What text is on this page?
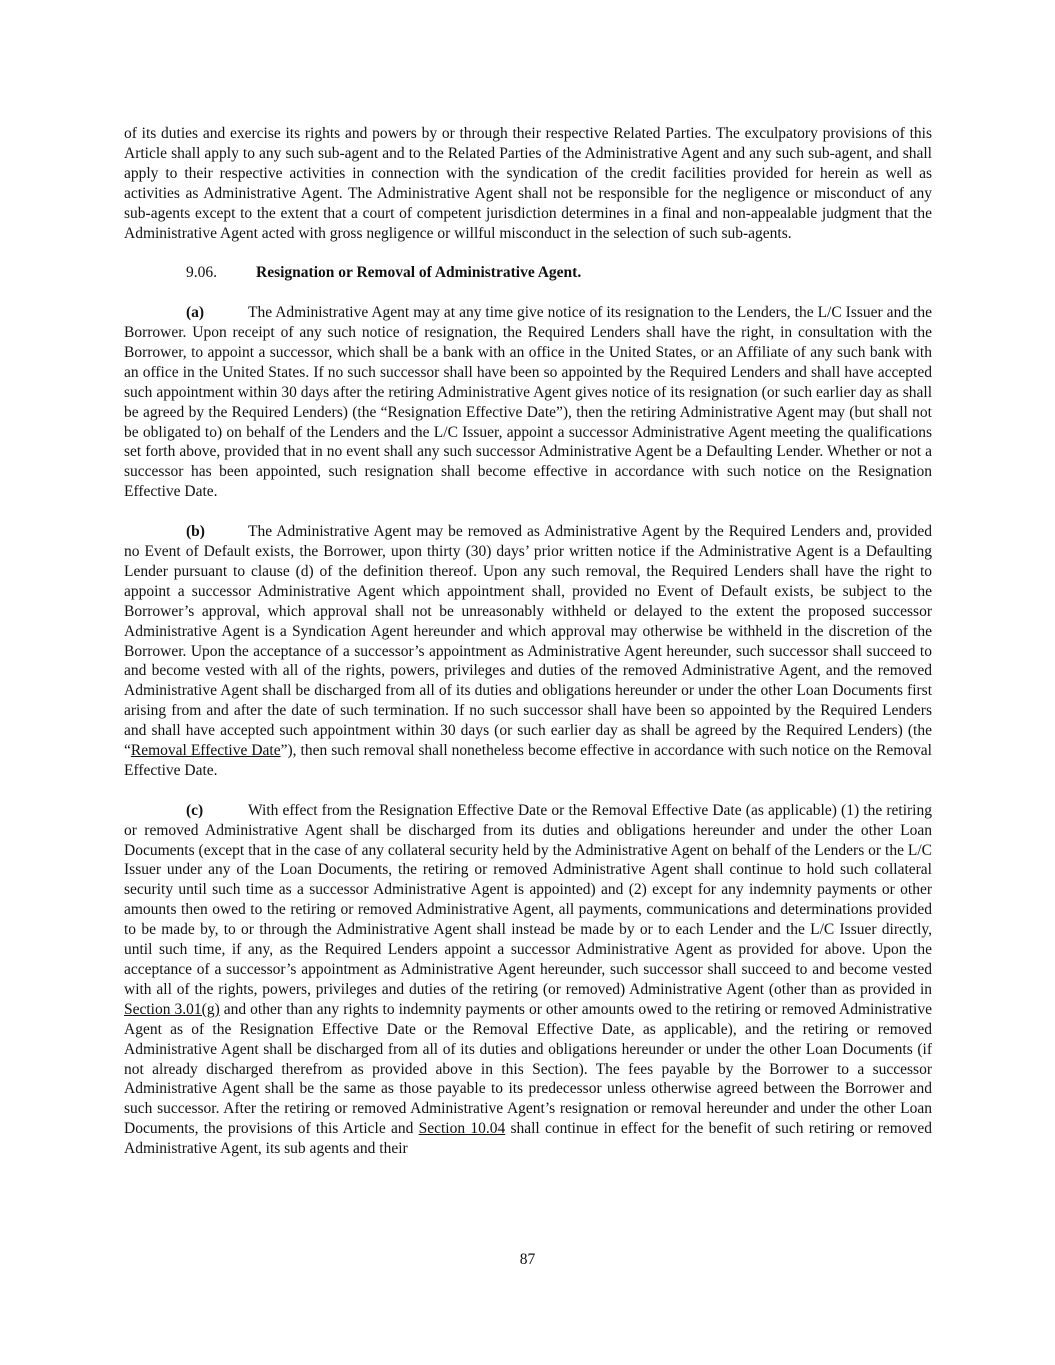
of its duties and exercise its rights and powers by or through their respective Related Parties. The exculpatory provisions of this Article shall apply to any such sub-agent and to the Related Parties of the Administrative Agent and any such sub-agent, and shall apply to their respective activities in connection with the syndication of the credit facilities provided for herein as well as activities as Administrative Agent. The Administrative Agent shall not be responsible for the negligence or misconduct of any sub-agents except to the extent that a court of competent jurisdiction determines in a final and non-appealable judgment that the Administrative Agent acted with gross negligence or willful misconduct in the selection of such sub-agents.

9.06.	Resignation or Removal of Administrative Agent.

(a)	The Administrative Agent may at any time give notice of its resignation to the Lenders, the L/C Issuer and the Borrower. Upon receipt of any such notice of resignation, the Required Lenders shall have the right, in consultation with the Borrower, to appoint a successor, which shall be a bank with an office in the United States, or an Affiliate of any such bank with an office in the United States. If no such successor shall have been so appointed by the Required Lenders and shall have accepted such appointment within 30 days after the retiring Administrative Agent gives notice of its resignation (or such earlier day as shall be agreed by the Required Lenders) (the “Resignation Effective Date”), then the retiring Administrative Agent may (but shall not be obligated to) on behalf of the Lenders and the L/C Issuer, appoint a successor Administrative Agent meeting the qualifications set forth above, provided that in no event shall any such successor Administrative Agent be a Defaulting Lender. Whether or not a successor has been appointed, such resignation shall become effective in accordance with such notice on the Resignation Effective Date.

(b)	The Administrative Agent may be removed as Administrative Agent by the Required Lenders and, provided no Event of Default exists, the Borrower, upon thirty (30) days’ prior written notice if the Administrative Agent is a Defaulting Lender pursuant to clause (d) of the definition thereof. Upon any such removal, the Required Lenders shall have the right to appoint a successor Administrative Agent which appointment shall, provided no Event of Default exists, be subject to the Borrower’s approval, which approval shall not be unreasonably withheld or delayed to the extent the proposed successor Administrative Agent is a Syndication Agent hereunder and which approval may otherwise be withheld in the discretion of the Borrower. Upon the acceptance of a successor’s appointment as Administrative Agent hereunder, such successor shall succeed to and become vested with all of the rights, powers, privileges and duties of the removed Administrative Agent, and the removed Administrative Agent shall be discharged from all of its duties and obligations hereunder or under the other Loan Documents first arising from and after the date of such termination. If no such successor shall have been so appointed by the Required Lenders and shall have accepted such appointment within 30 days (or such earlier day as shall be agreed by the Required Lenders) (the “Removal Effective Date”), then such removal shall nonetheless become effective in accordance with such notice on the Removal Effective Date.

(c)	With effect from the Resignation Effective Date or the Removal Effective Date (as applicable) (1) the retiring or removed Administrative Agent shall be discharged from its duties and obligations hereunder and under the other Loan Documents (except that in the case of any collateral security held by the Administrative Agent on behalf of the Lenders or the L/C Issuer under any of the Loan Documents, the retiring or removed Administrative Agent shall continue to hold such collateral security until such time as a successor Administrative Agent is appointed) and (2) except for any indemnity payments or other amounts then owed to the retiring or removed Administrative Agent, all payments, communications and determinations provided to be made by, to or through the Administrative Agent shall instead be made by or to each Lender and the L/C Issuer directly, until such time, if any, as the Required Lenders appoint a successor Administrative Agent as provided for above. Upon the acceptance of a successor’s appointment as Administrative Agent hereunder, such successor shall succeed to and become vested with all of the rights, powers, privileges and duties of the retiring (or removed) Administrative Agent (other than as provided in Section 3.01(g) and other than any rights to indemnity payments or other amounts owed to the retiring or removed Administrative Agent as of the Resignation Effective Date or the Removal Effective Date, as applicable), and the retiring or removed Administrative Agent shall be discharged from all of its duties and obligations hereunder or under the other Loan Documents (if not already discharged therefrom as provided above in this Section). The fees payable by the Borrower to a successor Administrative Agent shall be the same as those payable to its predecessor unless otherwise agreed between the Borrower and such successor. After the retiring or removed Administrative Agent’s resignation or removal hereunder and under the other Loan Documents, the provisions of this Article and Section 10.04 shall continue in effect for the benefit of such retiring or removed Administrative Agent, its sub agents and their

87
